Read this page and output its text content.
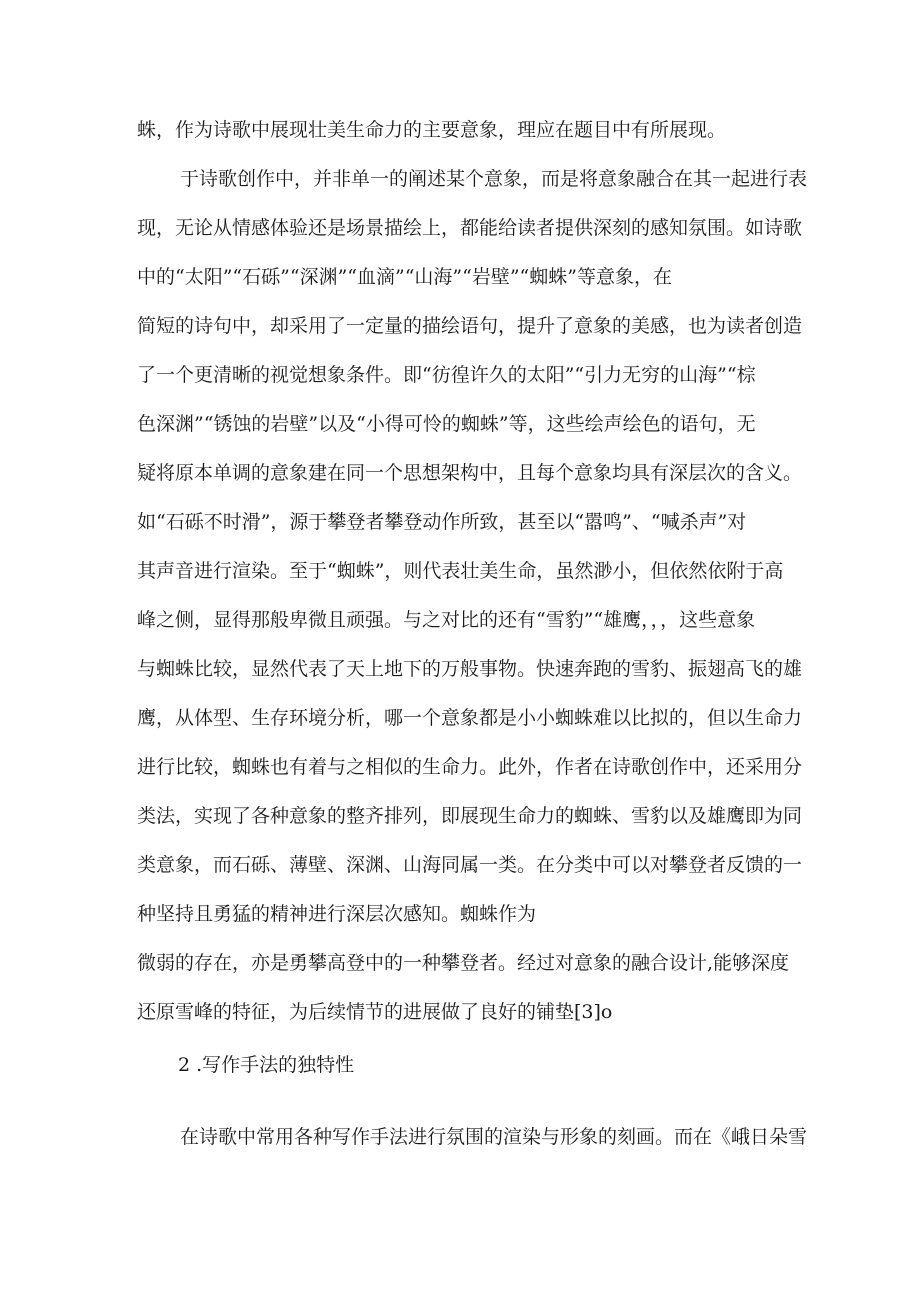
蛛，作为诗歌中展现壮美生命力的主要意象，理应在题目中有所展现。

于诗歌创作中，并非单一的阐述某个意象，而是将意象融合在其一起进行表

现，无论从情感体验还是场景描绘上，都能给读者提供深刻的感知氛围。如诗歌

中的“太阳”“石砾”“深渊”“血滴”“山海”“岩壁”“蜘蛛”等意象，在

简短的诗句中，却采用了一定量的描绘语句，提升了意象的美感，也为读者创造

了一个更清晰的视觉想象条件。即“彷徨许久的太阳”“引力无穷的山海”“棕

色深渊”“锈蚀的岩壁”以及“小得可怜的蜘蛛”等，这些绘声绘色的语句，无

疑将原本单调的意象建在同一个思想架构中，且每个意象均具有深层次的含义。

如“石砾不时滑”，源于攀登者攀登动作所致，甚至以“嚣鸣”、“喊杀声”对

其声音进行渲染。至于“蜘蛛”，则代表壮美生命，虽然渺小，但依然依附于高

峰之侧，显得那般卑微且顽强。与之对比的还有“雪豹”“雄鹰，，，这些意象

与蜘蛛比较，显然代表了天上地下的万般事物。快速奔跑的雪豹、振翅高飞的雄

鹰，从体型、生存环境分析，哪一个意象都是小小蜘蛛难以比拟的，但以生命力

进行比较，蜘蛛也有着与之相似的生命力。此外，作者在诗歌创作中，还采用分

类法，实现了各种意象的整齐排列，即展现生命力的蜘蛛、雪豹以及雄鹰即为同

类意象，而石砾、薄壁、深渊、山海同属一类。在分类中可以对攀登者反馈的一

种坚持且勇猛的精神进行深层次感知。蜘蛛作为

微弱的存在，亦是勇攀高登中的一种攀登者。经过对意象的融合设计,能够深度

还原雪峰的特征，为后续情节的进展做了良好的铺垫[3]o

2 .写作手法的独特性

在诗歌中常用各种写作手法进行氛围的渲染与形象的刻画。而在《峨日朵雪
